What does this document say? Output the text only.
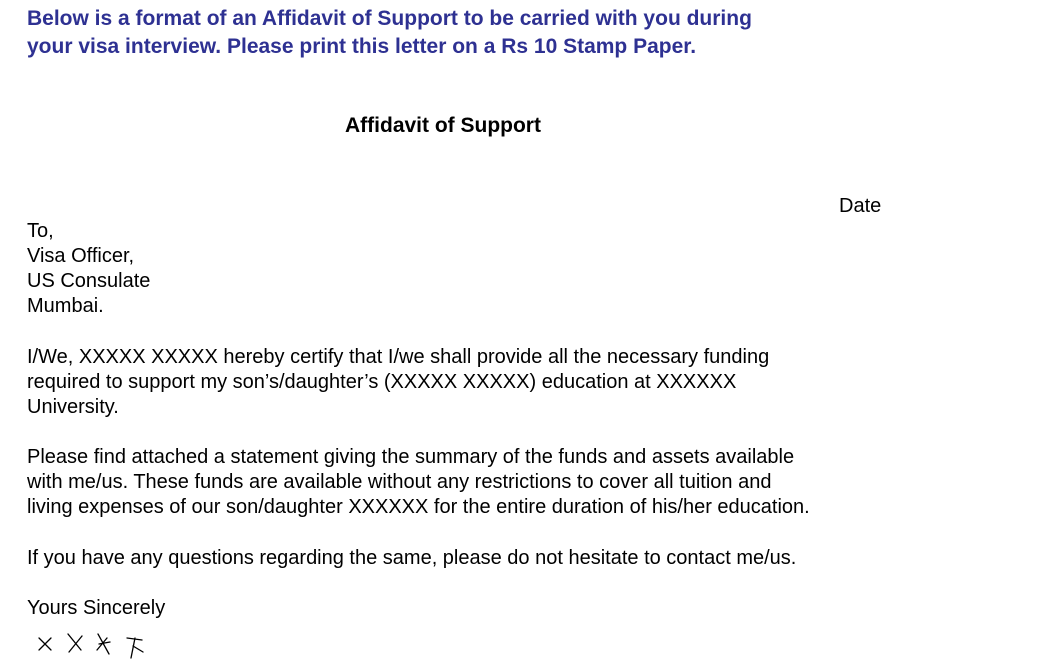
Below is a format of an Affidavit of Support to be carried with you during
your visa interview. Please print this letter on a Rs 10 Stamp Paper.
Affidavit of Support
Date
To,
Visa Officer,
US Consulate
Mumbai.
I/We, XXXXX XXXXX hereby certify that I/we shall provide all the necessary funding
required to support my son’s/daughter’s (XXXXX XXXXX) education at XXXXXX
University.
Please find attached a statement giving the summary of the funds and assets available
with me/us. These funds are available without any restrictions to cover all tuition and
living expenses of our son/daughter XXXXXX for the entire duration of his/her education.
If you have any questions regarding the same, please do not hesitate to contact me/us.
Yours Sincerely
